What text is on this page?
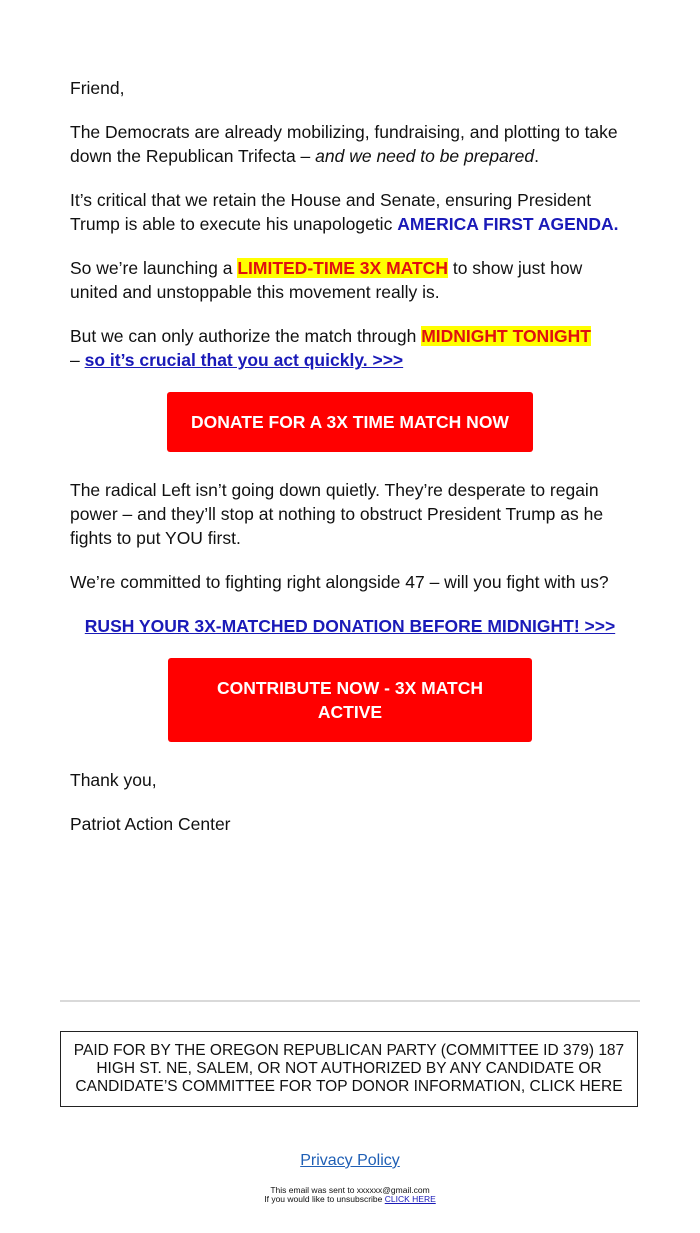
Friend,

The Democrats are already mobilizing, fundraising, and plotting to take down the Republican Trifecta – and we need to be prepared.

It’s critical that we retain the House and Senate, ensuring President Trump is able to execute his unapologetic AMERICA FIRST AGENDA.

So we’re launching a LIMITED-TIME 3X MATCH to show just how united and unstoppable this movement really is.

But we can only authorize the match through MIDNIGHT TONIGHT
– so it’s crucial that you act quickly. >>>

DONATE FOR A 3X TIME MATCH NOW

The radical Left isn’t going down quietly. They’re desperate to regain power – and they’ll stop at nothing to obstruct President Trump as he fights to put YOU first.

We’re committed to fighting right alongside 47 – will you fight with us?

RUSH YOUR 3X-MATCHED DONATION BEFORE MIDNIGHT! >>>
CONTRIBUTE NOW - 3X MATCH ACTIVE

Thank you,

Patriot Action Center

PAID FOR BY THE OREGON REPUBLICAN PARTY (COMMITTEE ID 379) 187 HIGH ST. NE, SALEM, OR NOT AUTHORIZED BY ANY CANDIDATE OR CANDIDATE’S COMMITTEE FOR TOP DONOR INFORMATION, CLICK HERE
Privacy Policy
This email was sent to xxxxxx@gmail.com
If you would like to unsubscribe CLICK HERE
